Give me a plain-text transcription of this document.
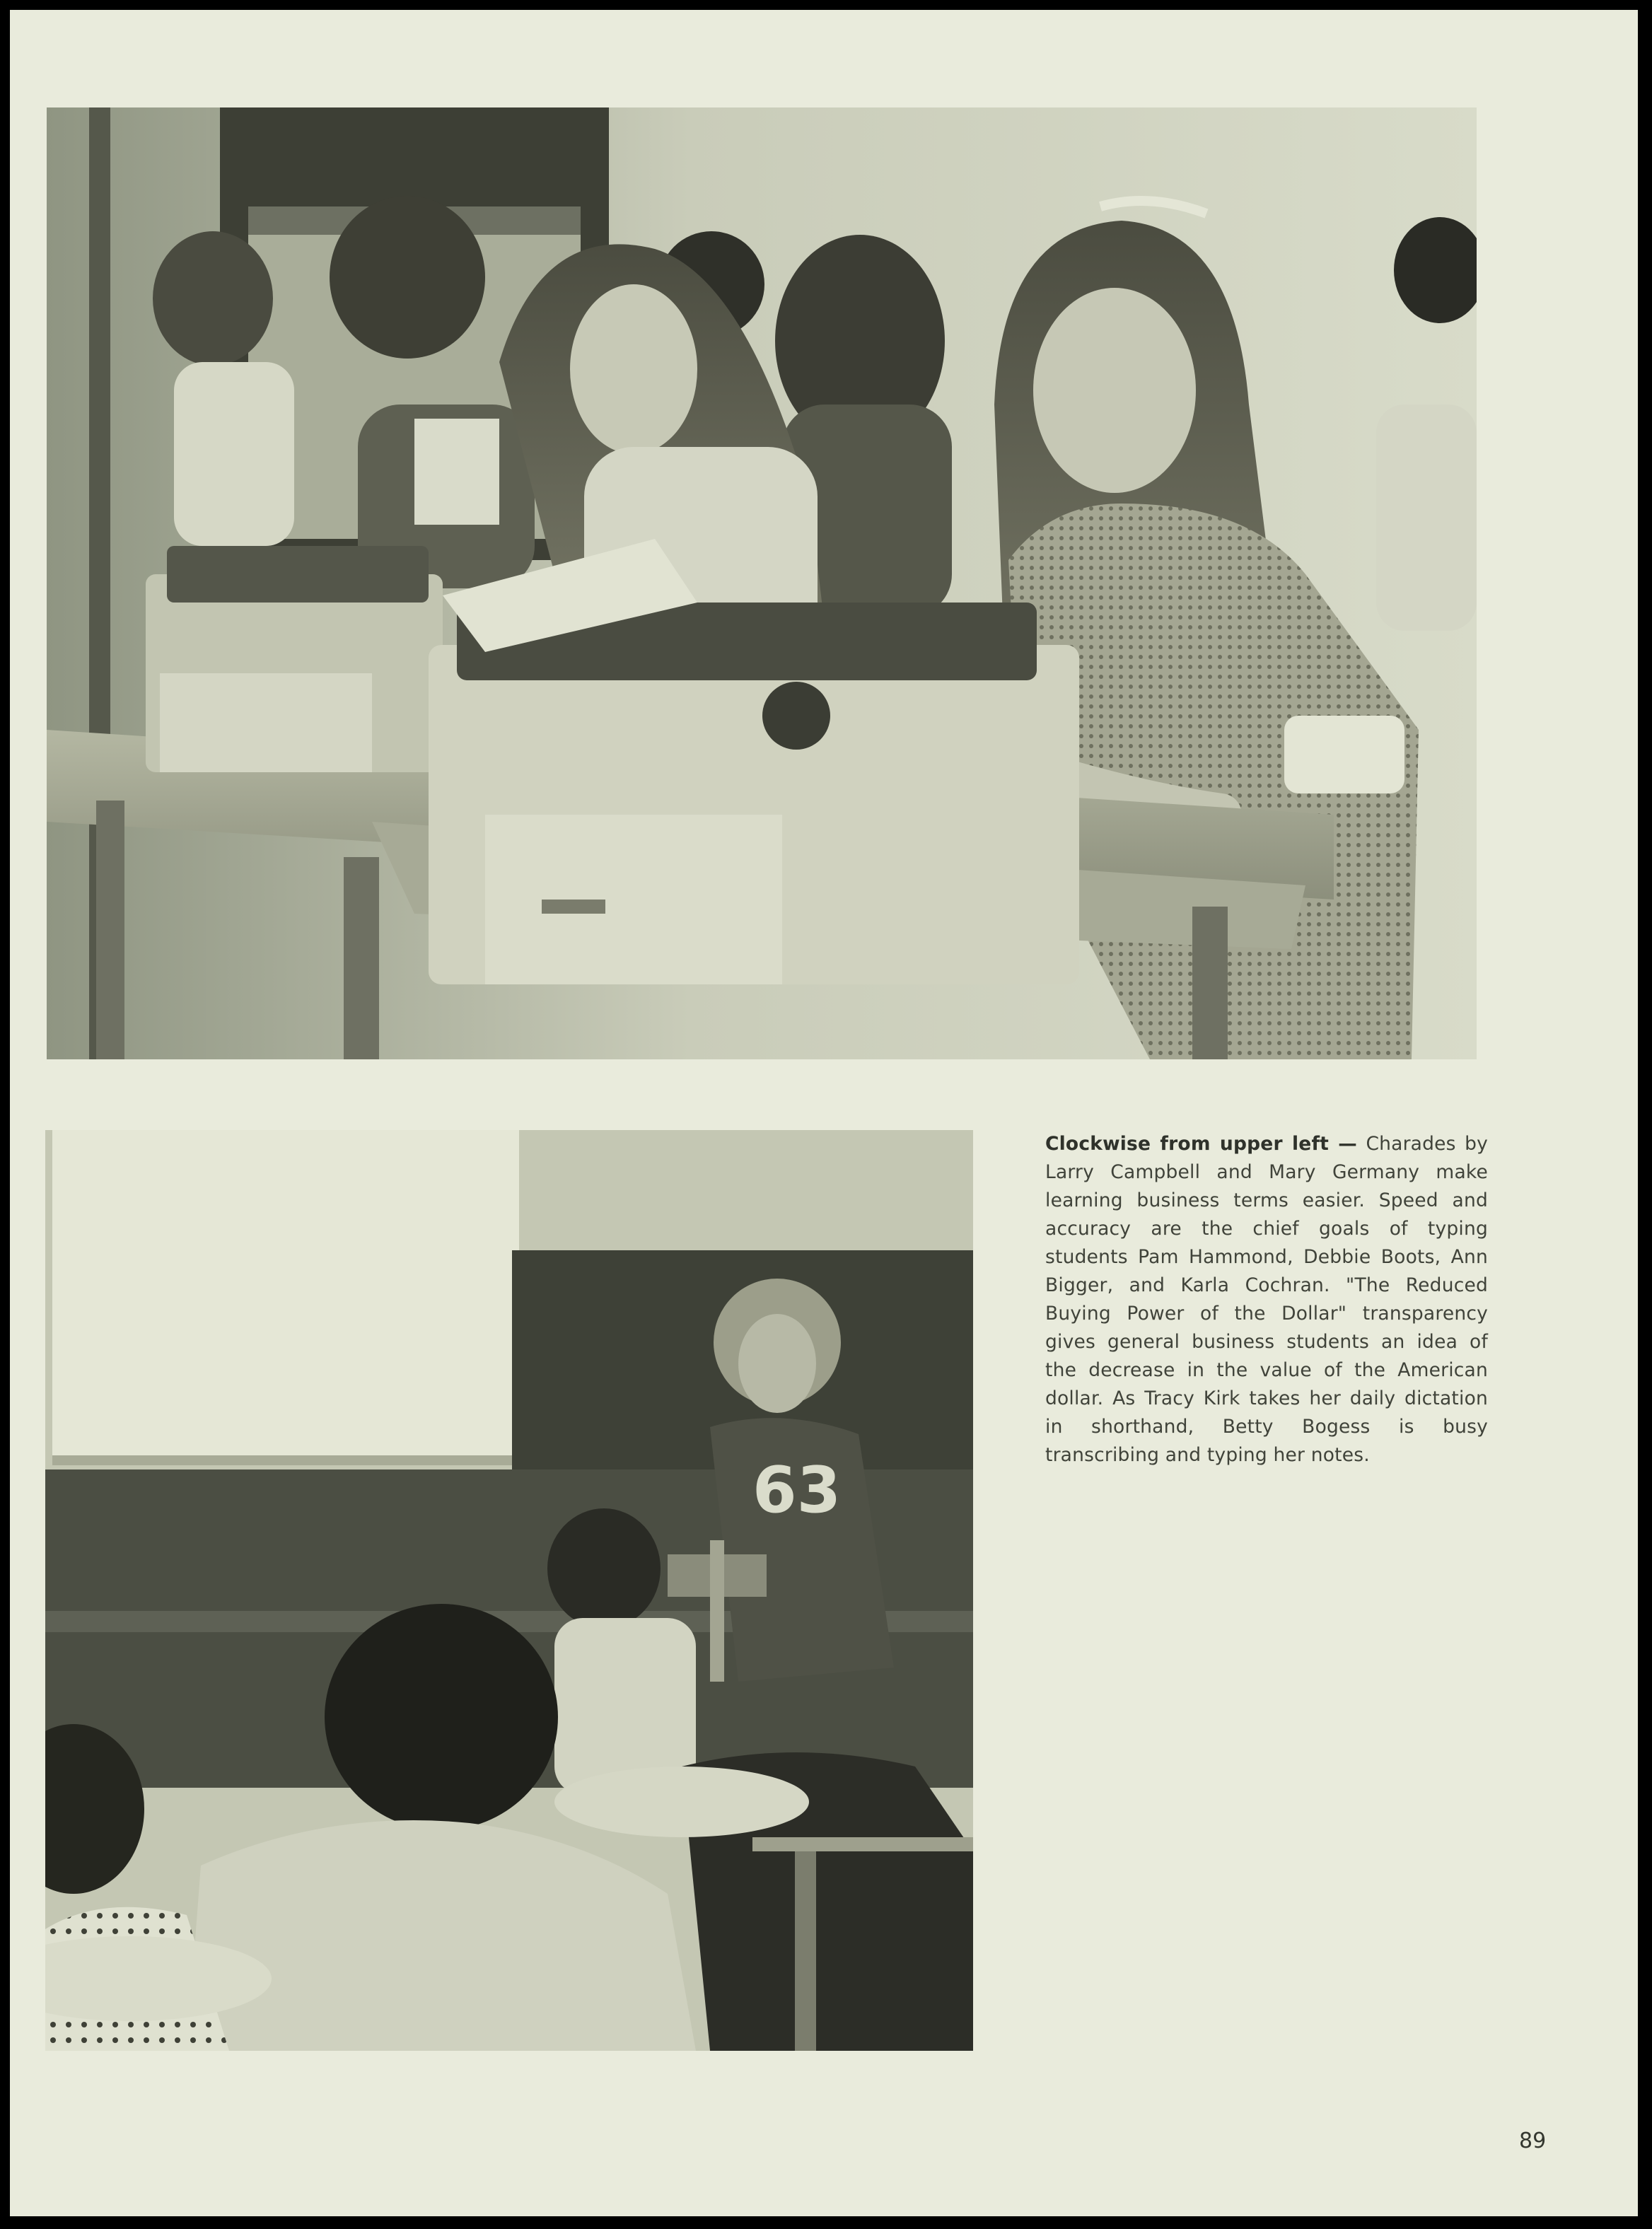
63
Clockwise from upper left — Charades by Larry Campbell and Mary Germany make learning business terms easier. Speed and accuracy are the chief goals of typing students Pam Hammond, Debbie Boots, Ann Bigger, and Karla Cochran. "The Reduced Buying Power of the Dollar" transparency gives general business students an idea of the decrease in the value of the American dollar. As Tracy Kirk takes her daily dictation in shorthand, Betty Bogess is busy transcribing and typing her notes.
89
